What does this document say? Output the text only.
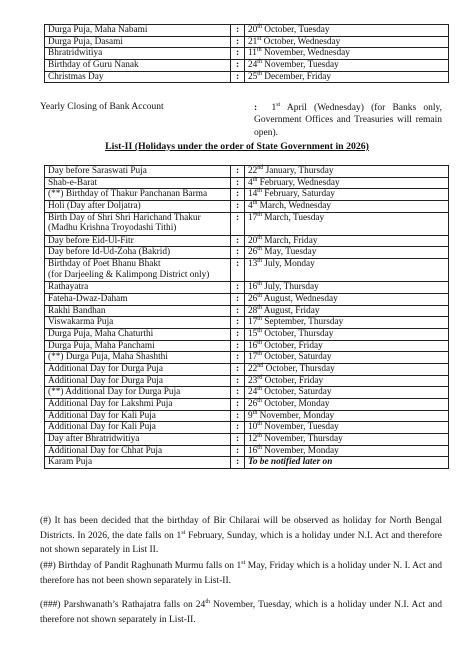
Durga Puja, Maha Nabami	:	20th October, Tuesday
Durga Puja, Dasami	:	21st October, Wednesday
Bhratridwitiya	:	11th November, Wednesday
Birthday of Guru Nanak	:	24th November, Tuesday
Christmas Day	:	25th December, Friday
Yearly Closing of Bank Account	: 1st April (Wednesday) (for Banks only, Government Offices and Treasuries will remain open).
List-II (Holidays under the order of State Government in 2026)
Day before Saraswati Puja	:	22nd January, Thursday
Shab-e-Barat	:	4th February, Wednesday
(**) Birthday of Thakur Panchanan Barma	:	14th February, Saturday
Holi (Day after Doljatra)	:	4th March, Wednesday

Birth Day of Shri Shri Harichand Thakur
(Madhu Krishna Troyodashi Tithi)	:	17th March, Tuesday
Day before Eid-Ul-Fitr	:	20th March, Friday
Day before Id-Ud-Zoha (Bakrid)	:	26th May, Tuesday

Birthday of Poet Bhanu Bhakt
(for Darjeeling & Kalimpong District only)	:	13th July, Monday
Rathayatra	:	16th July, Thursday
Fateha-Dwaz-Daham	:	26th August, Wednesday
Rakhi Bandhan	:	28th August, Friday
Viswakarma Puja	:	17th September, Thursday
Durga Puja, Maha Chaturthi	:	15th October, Thursday
Durga Puja, Maha Panchami	:	16th October, Friday
(**) Durga Puja, Maha Shashthi	:	17th October, Saturday
Additional Day for Durga Puja	:	22nd October, Thursday
Additional Day for Durga Puja	:	23rd October, Friday
(**) Additional Day for Durga Puja	:	24th October, Saturday
Additional Day for Lakshmi Puja	:	26th October, Monday
Additional Day for Kali Puja	:	9th November, Monday
Additional Day for Kali Puja	:	10th November, Tuesday
Day after Bhratridwitiya	:	12th November, Thursday
Additional Day for Chhat Puja	:	16th November, Monday
Karam Puja	:	To be notified later on
(#) It has been decided that the birthday of Bir Chilarai will be observed as holiday for North Bengal Districts. In 2026, the date falls on 1st February, Sunday, which is a holiday under N.I. Act and therefore not shown separately in List II.
(##) Birthday of Pandit Raghunath Murmu falls on 1st May, Friday which is a holiday under N. I. Act and therefore has not been shown separately in List-II.
(###) Parshwanath’s Rathajatra falls on 24th November, Tuesday, which is a holiday under N.I. Act and therefore not shown separately in List-II.
